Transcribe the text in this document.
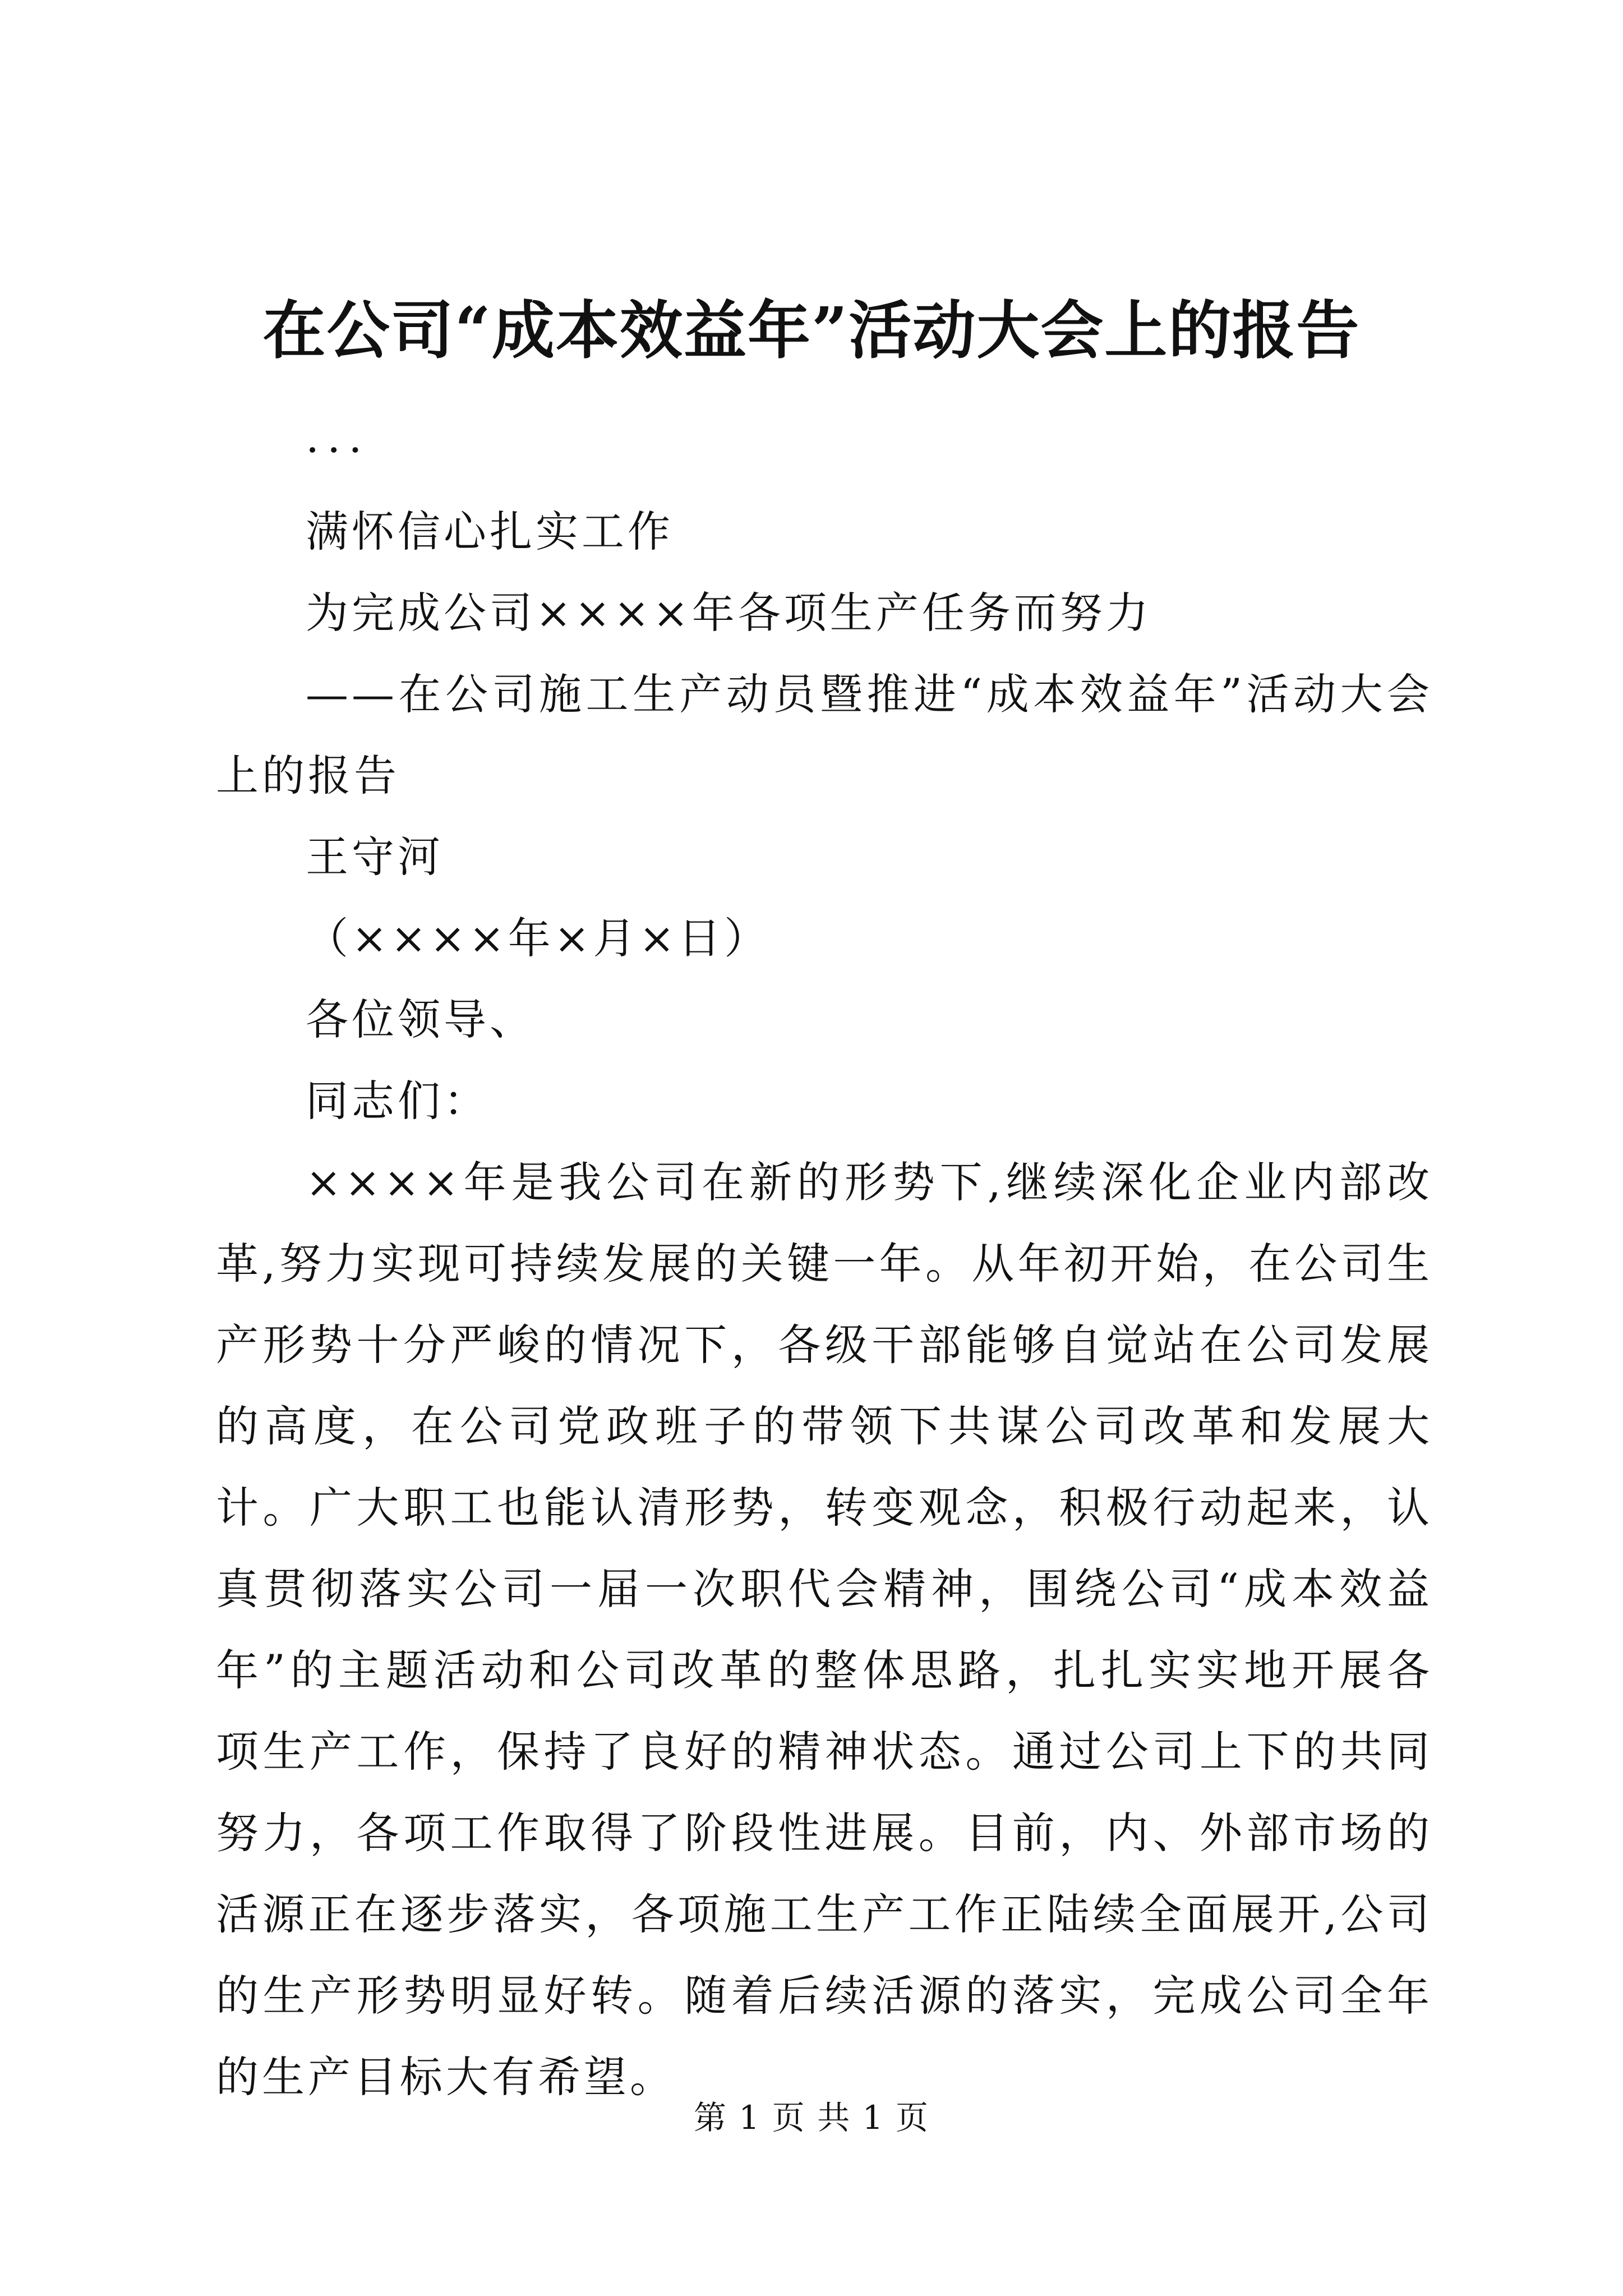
在公司“成本效益年”活动大会上的报告
...
满怀信心扎实工作
为完成公司××××年各项生产任务而努力
——在公司施工生产动员暨推进“成本效益年”活动大会上的报告
王守河
（××××年×月×日）
各位领导、
同志们：
××××年是我公司在新的形势下,继续深化企业内部改革,努力实现可持续发展的关键一年。从年初开始，在公司生产形势十分严峻的情况下，各级干部能够自觉站在公司发展的高度，在公司党政班子的带领下共谋公司改革和发展大计。广大职工也能认清形势，转变观念，积极行动起来，认真贯彻落实公司一届一次职代会精神，围绕公司“成本效益年”的主题活动和公司改革的整体思路，扎扎实实地开展各项生产工作，保持了良好的精神状态。通过公司上下的共同努力，各项工作取得了阶段性进展。目前，内、外部市场的活源正在逐步落实，各项施工生产工作正陆续全面展开,公司的生产形势明显好转。随着后续活源的落实，完成公司全年的生产目标大有希望。
第 1 页 共 1 页
